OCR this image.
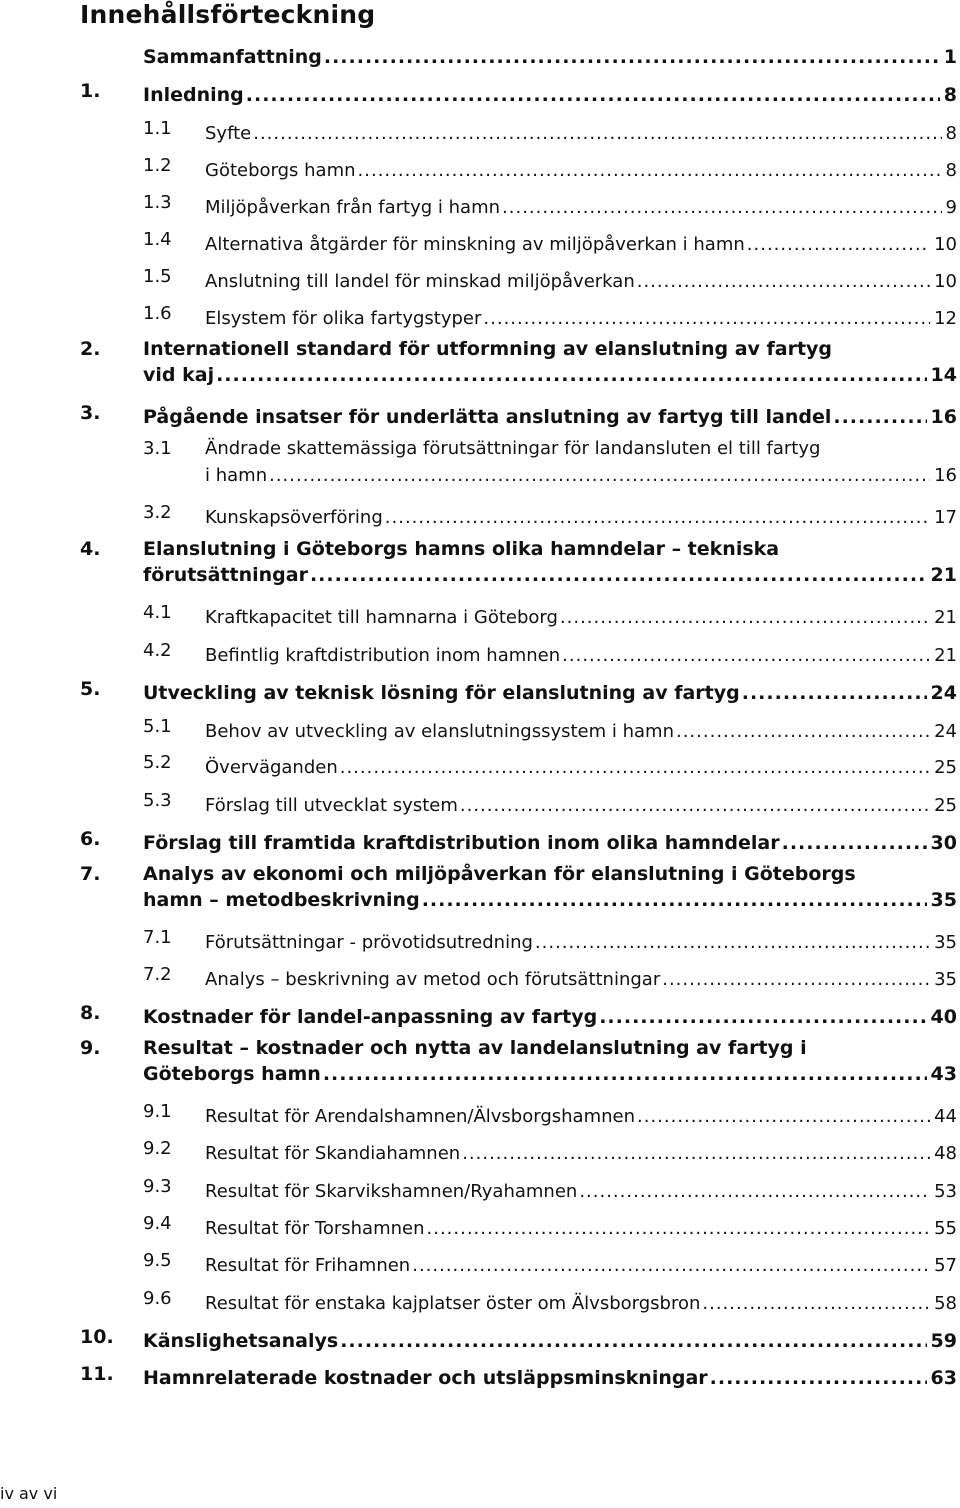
Innehållsförteckning
Sammanfattning .....	1
1. Inledning .....	8
1.1 Syfte .....	8
1.2 Göteborgs hamn .....	8
1.3 Miljöpåverkan från fartyg i hamn .....	9
1.4 Alternativa åtgärder för minskning av miljöpåverkan i hamn .....	10
1.5 Anslutning till landel för minskad miljöpåverkan .....	10
1.6 Elsystem för olika fartygstyper .....	12
2. Internationell standard för utformning av elanslutning av fartyg
vid kaj .....	14
3. Pågående insatser för underlätta anslutning av fartyg till landel .....	16
3.1 Ändrade skattemässiga förutsättningar för landansluten el till fartyg
i hamn .....	16
3.2 Kunskapsöverföring .....	17
4. Elanslutning i Göteborgs hamns olika hamndelar – tekniska
förutsättningar .....	21
4.1 Kraftkapacitet till hamnarna i Göteborg .....	21
4.2 Befintlig kraftdistribution inom hamnen .....	21
5. Utveckling av teknisk lösning för elanslutning av fartyg .....	24
5.1 Behov av utveckling av elanslutningssystem i hamn .....	24
5.2 Överväganden .....	25
5.3 Förslag till utvecklat system .....	25
6. Förslag till framtida kraftdistribution inom olika hamndelar .....	30
7. Analys av ekonomi och miljöpåverkan för elanslutning i Göteborgs
hamn – metodbeskrivning .....	35
7.1 Förutsättningar - prövotidsutredning .....	35
7.2 Analys – beskrivning av metod och förutsättningar .....	35
8. Kostnader för landel-anpassning av fartyg .....	40
9. Resultat – kostnader och nytta av landelanslutning av fartyg i
Göteborgs hamn .....	43
9.1 Resultat för Arendalshamnen/Älvsborgshamnen .....	44
9.2 Resultat för Skandiahamnen .....	48
9.3 Resultat för Skarvikshamnen/Ryahamnen .....	53
9.4 Resultat för Torshamnen .....	55
9.5 Resultat för Frihamnen .....	57
9.6 Resultat för enstaka kajplatser öster om Älvsborgsbron .....	58
10. Känslighetsanalys .....	59
11. Hamnrelaterade kostnader och utsläppsminskningar .....	63
iv av vi
